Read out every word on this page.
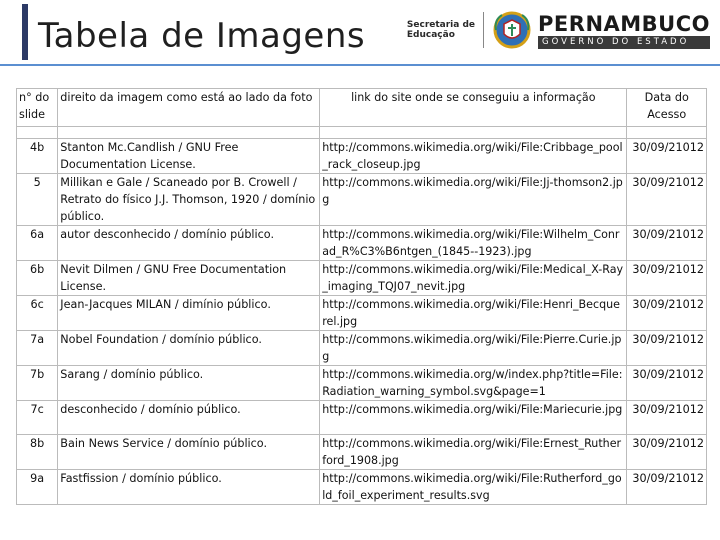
Tabela de Imagens	Secretaria de
Educação	PERNAMBUCO
GOVERNO DO ESTADO
n° do slide	direito da imagem como está ao lado da foto	link do site onde se conseguiu a informação	Data do Acesso

4b	Stanton Mc.Candlish / GNU Free Documentation License.	http://commons.wikimedia.org/wiki/File:Cribbage_pool_rack_closeup.jpg	30/09/21012
5	Millikan e Gale / Scaneado por B. Crowell / Retrato do físico J.J. Thomson, 1920 / domínio público.	http://commons.wikimedia.org/wiki/File:Jj-thomson2.jpg	30/09/21012
6a	autor desconhecido / domínio público.	http://commons.wikimedia.org/wiki/File:Wilhelm_Conrad_R%C3%B6ntgen_(1845--1923).jpg	30/09/21012
6b	Nevit Dilmen / GNU Free Documentation License.	http://commons.wikimedia.org/wiki/File:Medical_X-Ray_imaging_TQJ07_nevit.jpg	30/09/21012
6c	Jean-Jacques MILAN / dimínio público.	http://commons.wikimedia.org/wiki/File:Henri_Becquerel.jpg	30/09/21012
7a	Nobel Foundation / domínio público.	http://commons.wikimedia.org/wiki/File:Pierre.Curie.jpg	30/09/21012
7b	Sarang / domínio público.	http://commons.wikimedia.org/w/index.php?title=File:Radiation_warning_symbol.svg&page=1	30/09/21012
7c	desconhecido / domínio público.	http://commons.wikimedia.org/wiki/File:Mariecurie.jpg	30/09/21012
8b	Bain News Service / domínio público.	http://commons.wikimedia.org/wiki/File:Ernest_Rutherford_1908.jpg	30/09/21012
9a	Fastfission / domínio público.	http://commons.wikimedia.org/wiki/File:Rutherford_gold_foil_experiment_results.svg	30/09/21012
